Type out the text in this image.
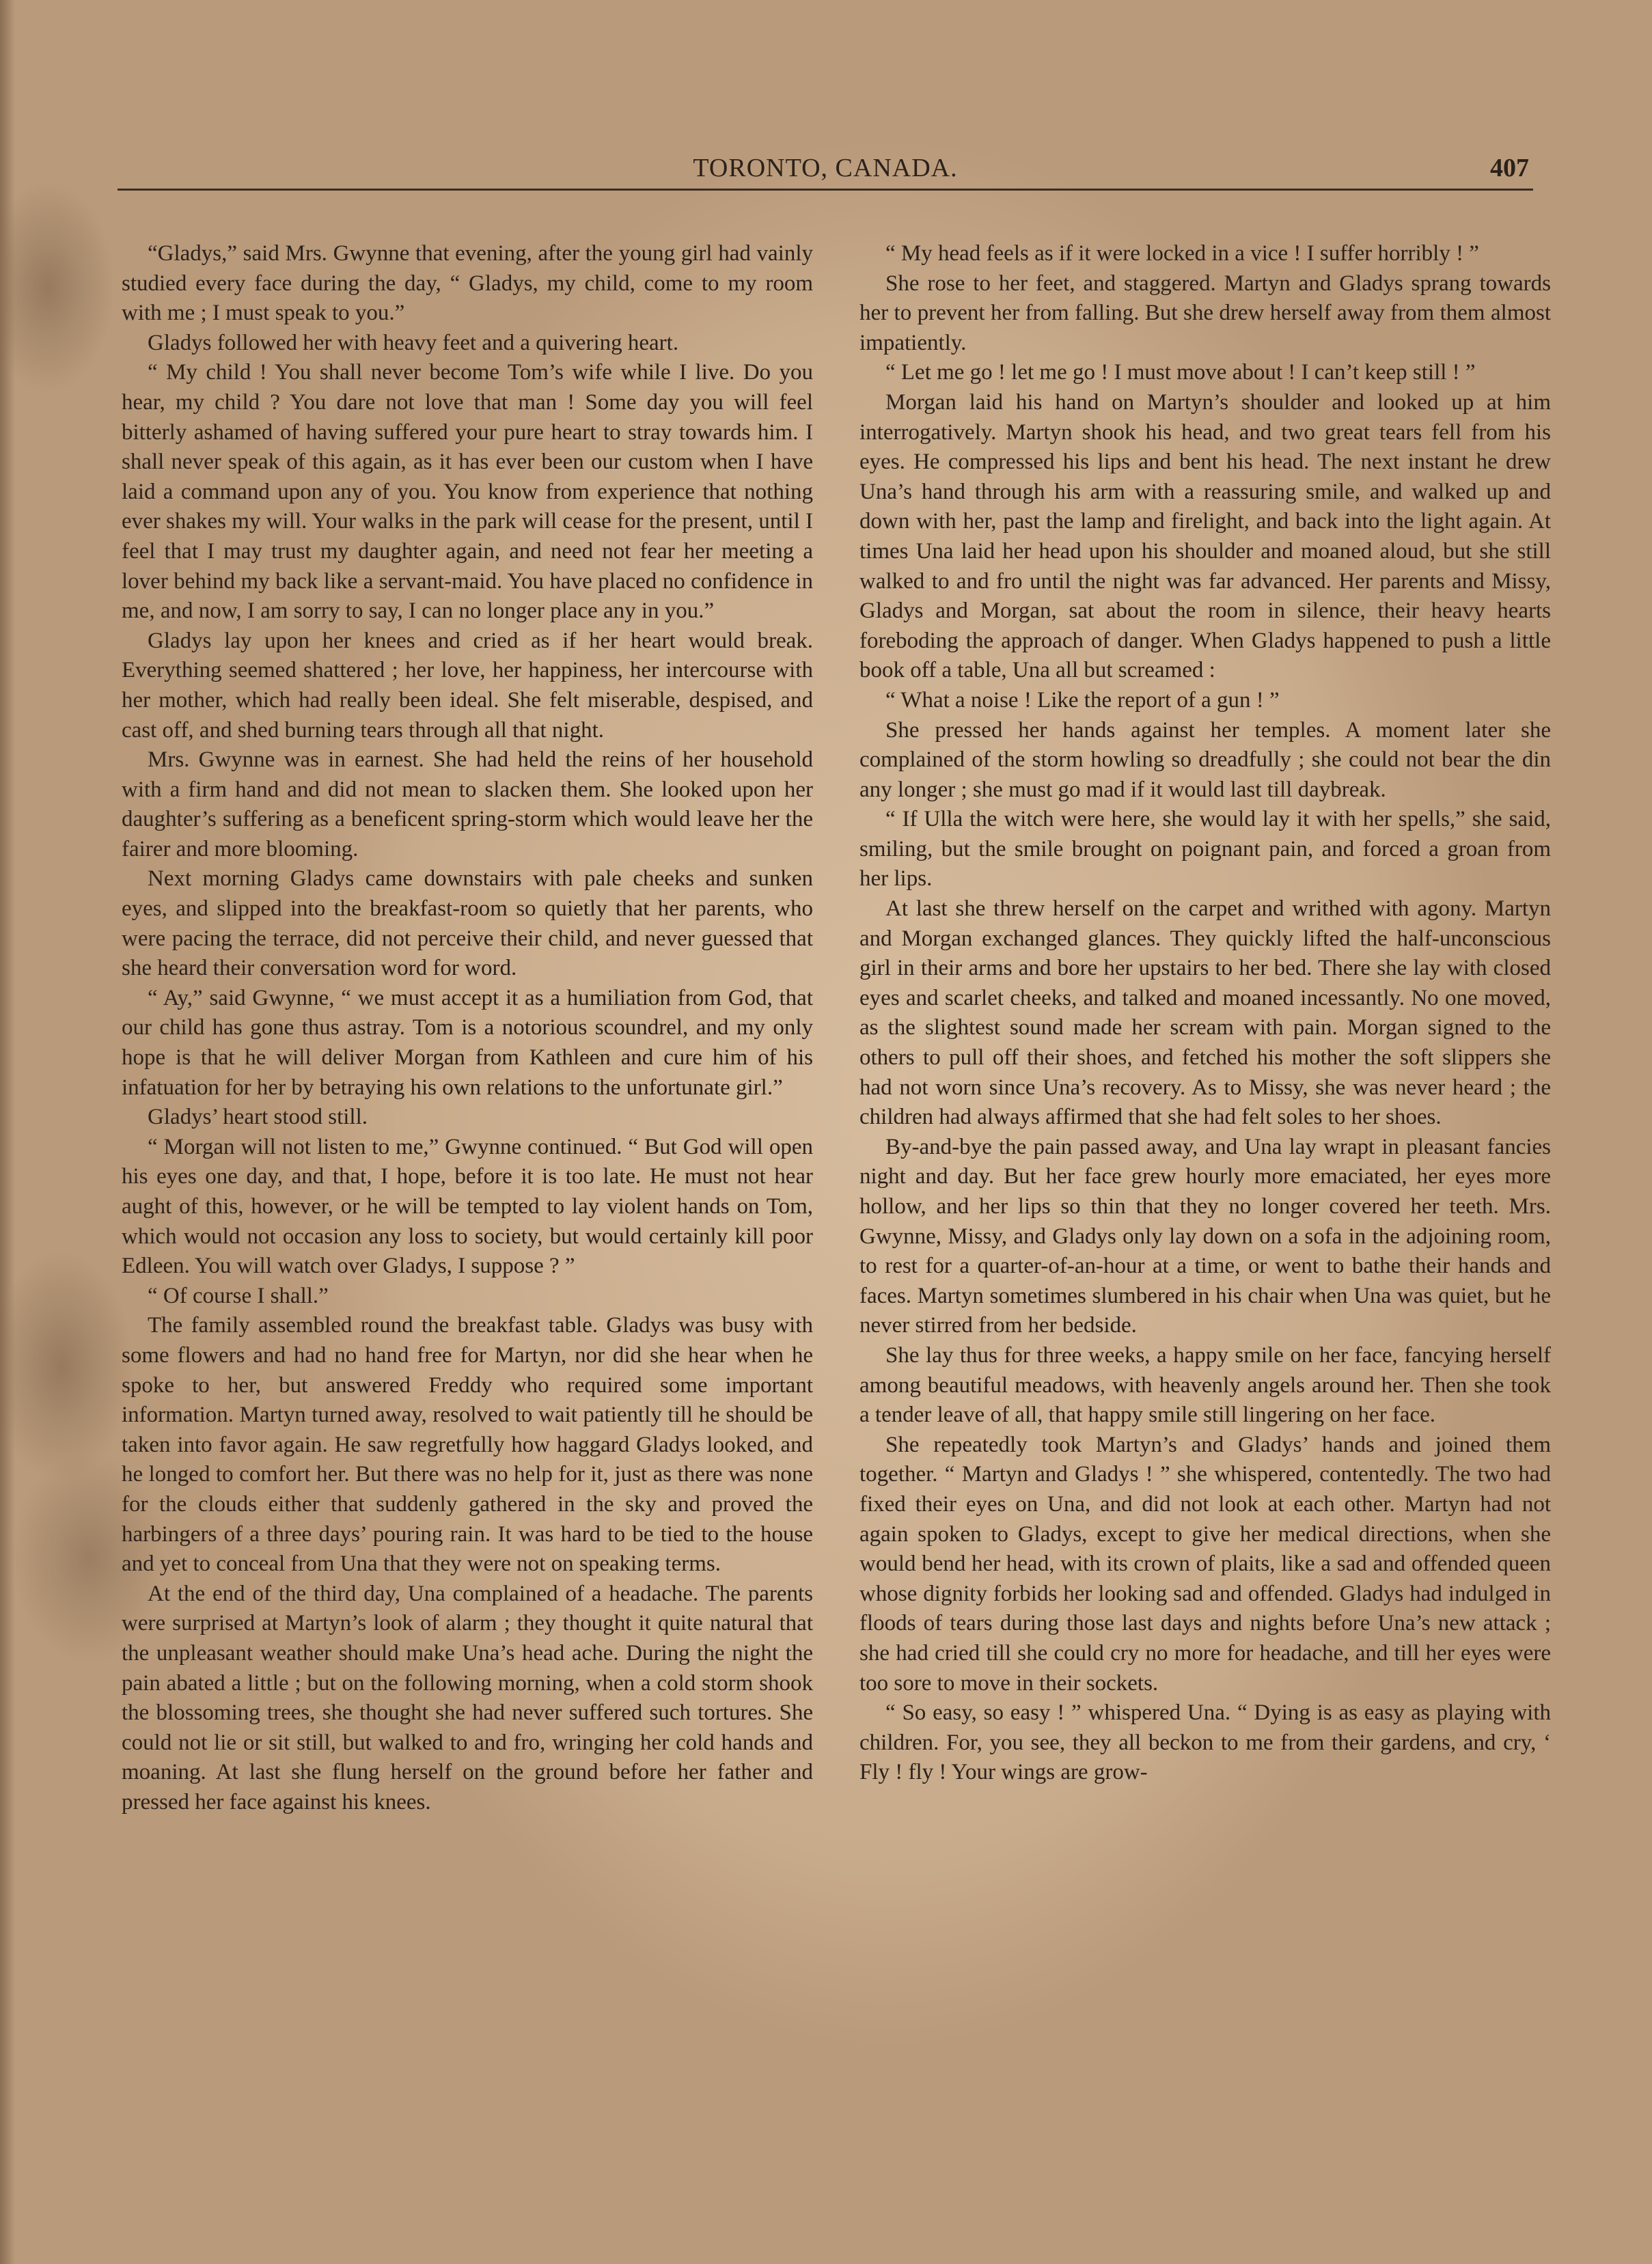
TORONTO, CANADA.	407

“Gladys,” said Mrs. Gwynne that evening, after the young girl had vainly studied every face during the day, “ Gladys, my child, come to my room with me ; I must speak to you.”

Gladys followed her with heavy feet and a quivering heart.

“ My child ! You shall never become Tom’s wife while I live. Do you hear, my child ? You dare not love that man ! Some day you will feel bitterly ashamed of having suffered your pure heart to stray towards him. I shall never speak of this again, as it has ever been our custom when I have laid a command upon any of you. You know from experience that nothing ever shakes my will. Your walks in the park will cease for the present, until I feel that I may trust my daughter again, and need not fear her meeting a lover behind my back like a servant-maid. You have placed no confidence in me, and now, I am sorry to say, I can no longer place any in you.”

Gladys lay upon her knees and cried as if her heart would break. Everything seemed shattered ; her love, her happiness, her intercourse with her mother, which had really been ideal. She felt miserable, despised, and cast off, and shed burning tears through all that night.

Mrs. Gwynne was in earnest. She had held the reins of her household with a firm hand and did not mean to slacken them. She looked upon her daughter’s suffering as a beneficent spring-storm which would leave her the fairer and more blooming.

Next morning Gladys came downstairs with pale cheeks and sunken eyes, and slipped into the breakfast-room so quietly that her parents, who were pacing the terrace, did not perceive their child, and never guessed that she heard their conversation word for word.

“ Ay,” said Gwynne, “ we must accept it as a humiliation from God, that our child has gone thus astray. Tom is a notorious scoundrel, and my only hope is that he will deliver Morgan from Kathleen and cure him of his infatuation for her by betraying his own relations to the unfortunate girl.”

Gladys’ heart stood still.

“ Morgan will not listen to me,” Gwynne continued. “ But God will open his eyes one day, and that, I hope, before it is too late. He must not hear aught of this, however, or he will be tempted to lay violent hands on Tom, which would not occasion any loss to society, but would certainly kill poor Edleen. You will watch over Gladys, I suppose ? ”

“ Of course I shall.”

The family assembled round the breakfast table. Gladys was busy with some flowers and had no hand free for Martyn, nor did she hear when he spoke to her, but answered Freddy who required some important information. Martyn turned away, resolved to wait patiently till he should be taken into favor again. He saw regretfully how haggard Gladys looked, and he longed to comfort her. But there was no help for it, just as there was none for the clouds either that suddenly gathered in the sky and proved the harbingers of a three days’ pouring rain. It was hard to be tied to the house and yet to conceal from Una that they were not on speaking terms.

At the end of the third day, Una complained of a headache. The parents were surprised at Martyn’s look of alarm ; they thought it quite natural that the unpleasant weather should make Una’s head ache. During the night the pain abated a little ; but on the following morning, when a cold storm shook the blossoming trees, she thought she had never suffered such tortures. She could not lie or sit still, but walked to and fro, wringing her cold hands and moaning. At last she flung herself on the ground before her father and pressed her face against his knees.

“ My head feels as if it were locked in a vice ! I suffer horribly ! ”

She rose to her feet, and staggered. Martyn and Gladys sprang towards her to prevent her from falling. But she drew herself away from them almost impatiently.

“ Let me go ! let me go ! I must move about ! I can’t keep still ! ”

Morgan laid his hand on Martyn’s shoulder and looked up at him interrogatively. Martyn shook his head, and two great tears fell from his eyes. He compressed his lips and bent his head. The next instant he drew Una’s hand through his arm with a reassuring smile, and walked up and down with her, past the lamp and firelight, and back into the light again. At times Una laid her head upon his shoulder and moaned aloud, but she still walked to and fro until the night was far advanced. Her parents and Missy, Gladys and Morgan, sat about the room in silence, their heavy hearts foreboding the approach of danger. When Gladys happened to push a little book off a table, Una all but screamed :

“ What a noise ! Like the report of a gun ! ”

She pressed her hands against her temples. A moment later she complained of the storm howling so dreadfully ; she could not bear the din any longer ; she must go mad if it would last till daybreak.

“ If Ulla the witch were here, she would lay it with her spells,” she said, smiling, but the smile brought on poignant pain, and forced a groan from her lips.

At last she threw herself on the carpet and writhed with agony. Martyn and Morgan exchanged glances. They quickly lifted the half-unconscious girl in their arms and bore her upstairs to her bed. There she lay with closed eyes and scarlet cheeks, and talked and moaned incessantly. No one moved, as the slightest sound made her scream with pain. Morgan signed to the others to pull off their shoes, and fetched his mother the soft slippers she had not worn since Una’s recovery. As to Missy, she was never heard ; the children had always affirmed that she had felt soles to her shoes.

By-and-bye the pain passed away, and Una lay wrapt in pleasant fancies night and day. But her face grew hourly more emaciated, her eyes more hollow, and her lips so thin that they no longer covered her teeth. Mrs. Gwynne, Missy, and Gladys only lay down on a sofa in the adjoining room, to rest for a quarter-of-an-hour at a time, or went to bathe their hands and faces. Martyn sometimes slumbered in his chair when Una was quiet, but he never stirred from her bedside.

She lay thus for three weeks, a happy smile on her face, fancying herself among beautiful meadows, with heavenly angels around her. Then she took a tender leave of all, that happy smile still lingering on her face.

She repeatedly took Martyn’s and Gladys’ hands and joined them together. “ Martyn and Gladys ! ” she whispered, contentedly. The two had fixed their eyes on Una, and did not look at each other. Martyn had not again spoken to Gladys, except to give her medical directions, when she would bend her head, with its crown of plaits, like a sad and offended queen whose dignity forbids her looking sad and offended. Gladys had indulged in floods of tears during those last days and nights before Una’s new attack ; she had cried till she could cry no more for headache, and till her eyes were too sore to move in their sockets.

“ So easy, so easy ! ” whispered Una. “ Dying is as easy as playing with children. For, you see, they all beckon to me from their gardens, and cry, ‘ Fly ! fly ! Your wings are grow-
